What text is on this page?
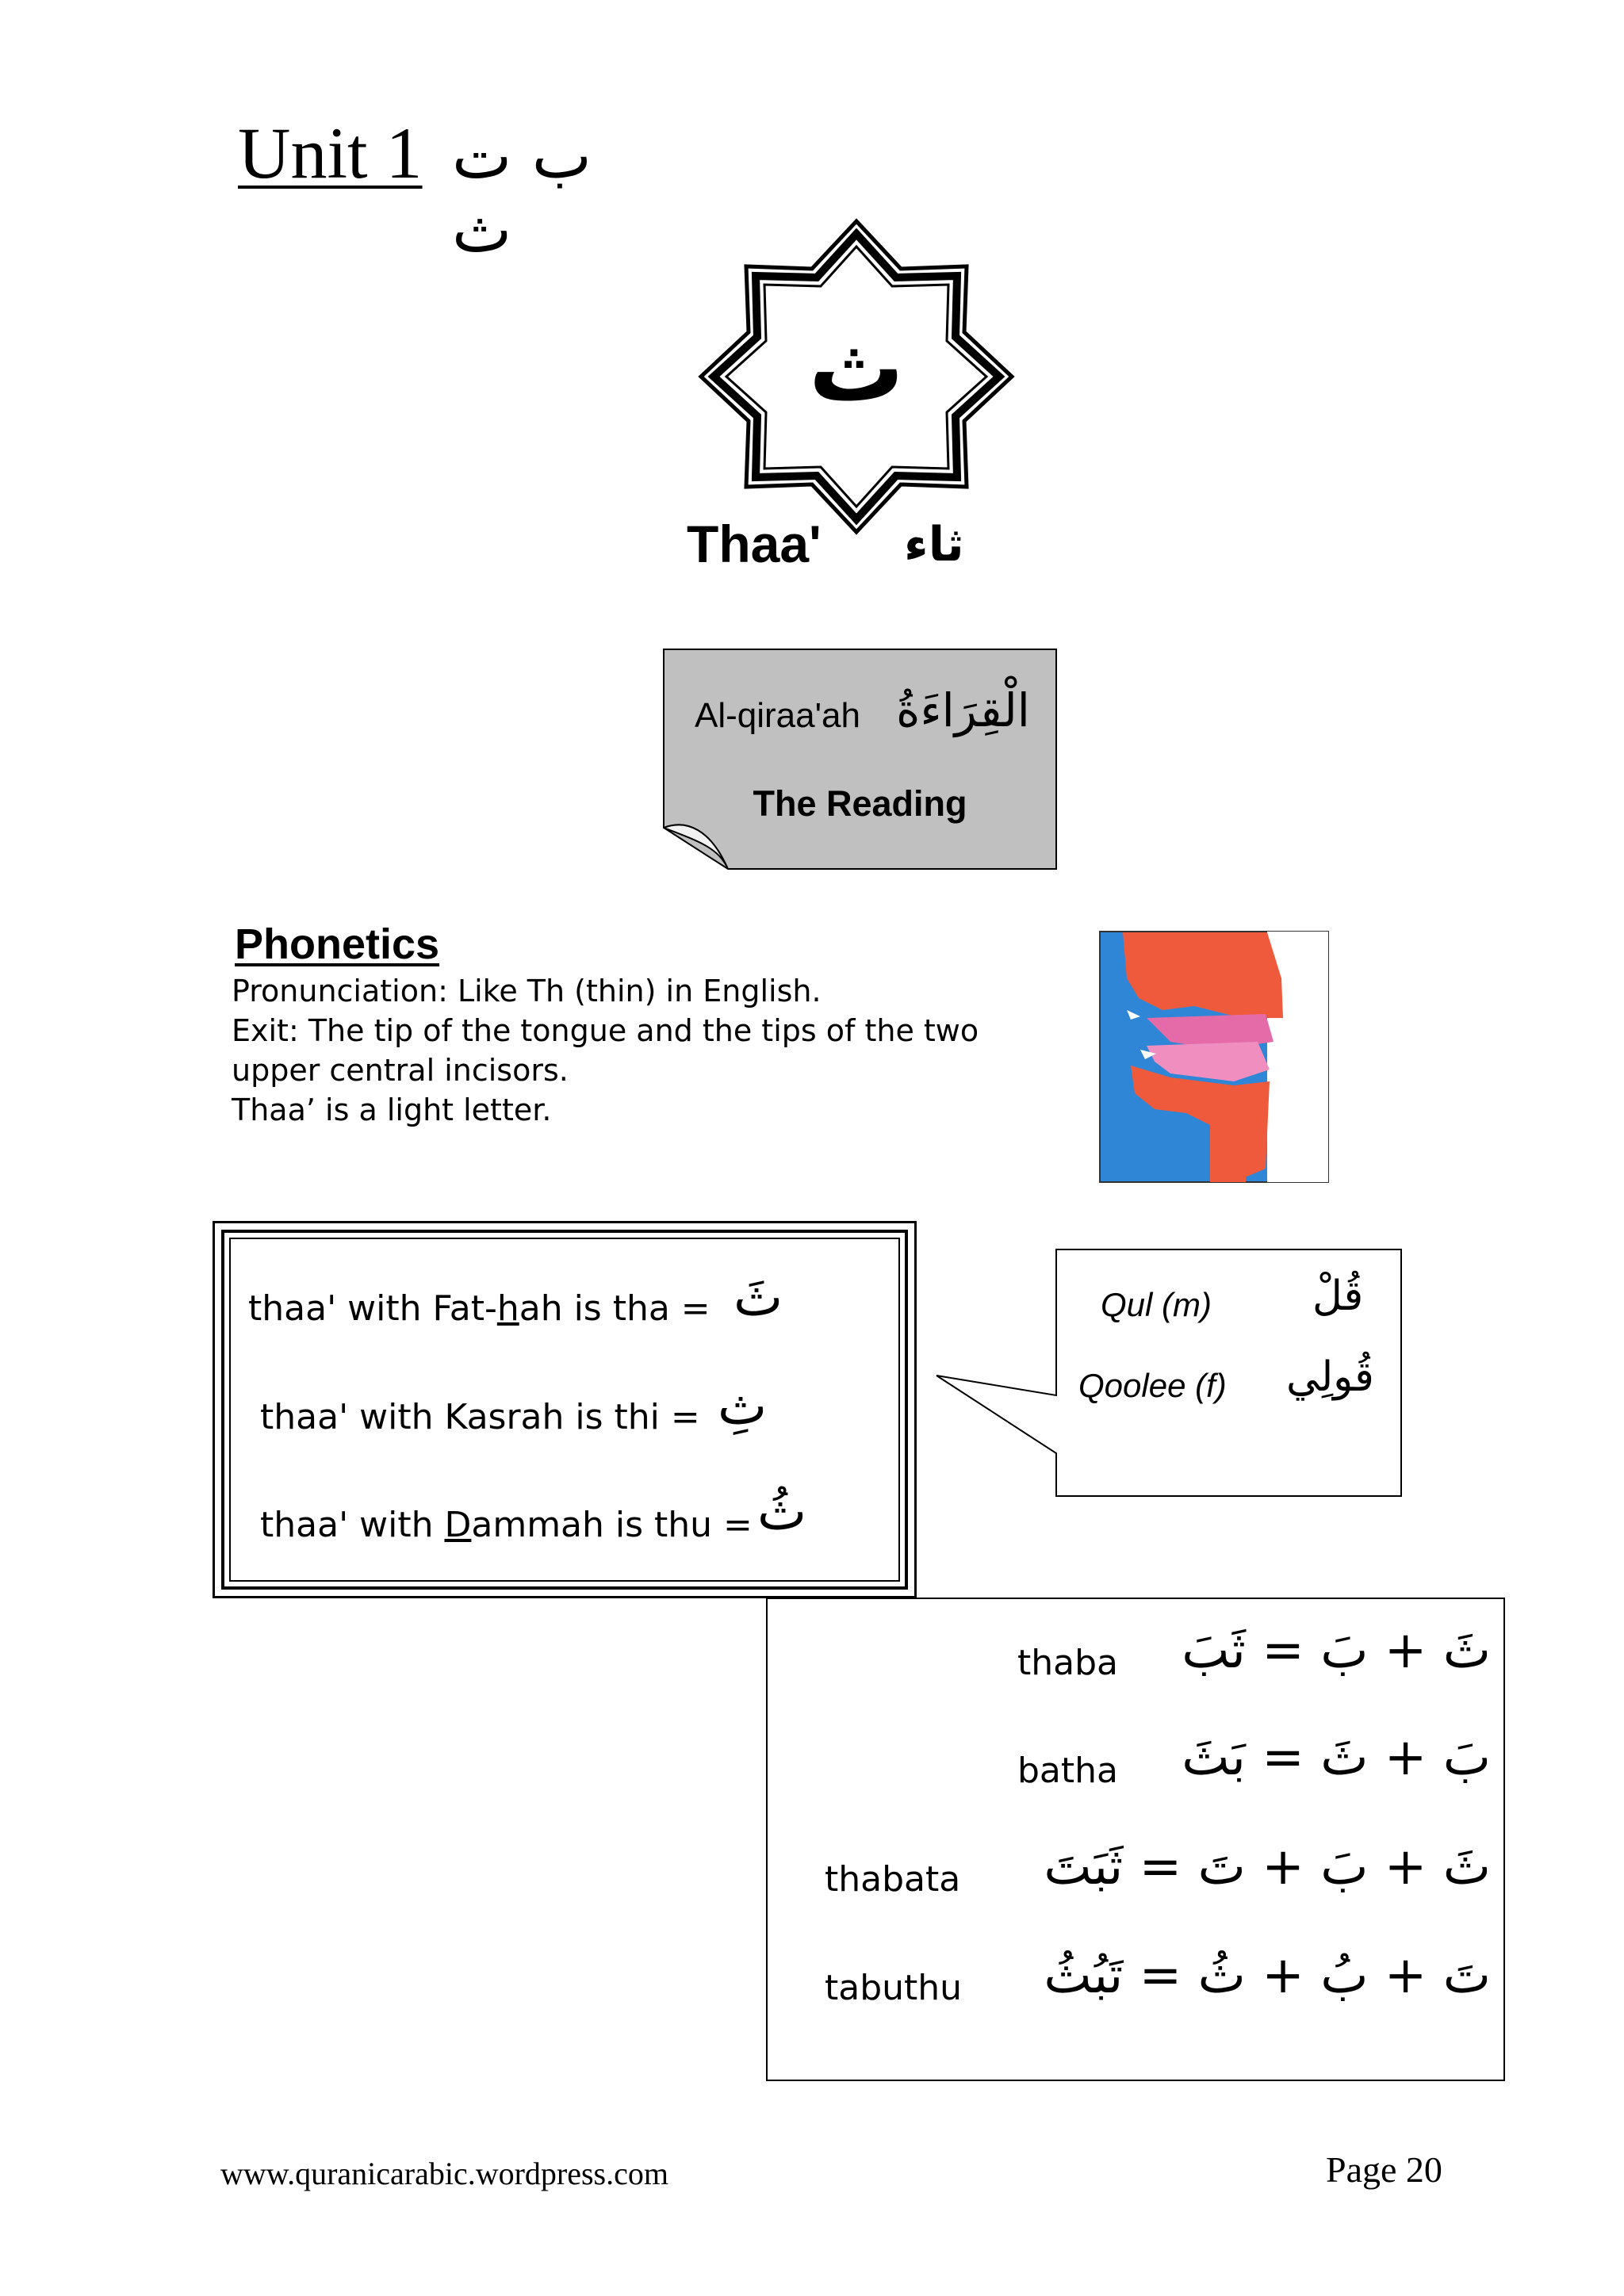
Unit 1 ب ت ث
ث
Thaa' ثاء
Al-qiraa'ah الْقِرَاءَةُ
The Reading
Phonetics
Pronunciation: Like Th (thin) in English.
Exit: The tip of the tongue and the tips of the two
upper central incisors.
Thaa’ is a light letter.
thaa' with Fat-hah is tha = ثَ
thaa' with Kasrah is thi = ثِ
thaa' with Dammah is thu = ثُ
Qul (m) قُلْ
Qoolee (f) قُولِي
thaba	ثَ + بَ = ثَبَ
batha	بَ + ثَ = بَثَ
thabata	ثَ + بَ + تَ = ثَبَتَ
tabuthu	تَ + بُ + ثُ = تَبُثُ
www.quranicarabic.wordpress.com	Page 20
